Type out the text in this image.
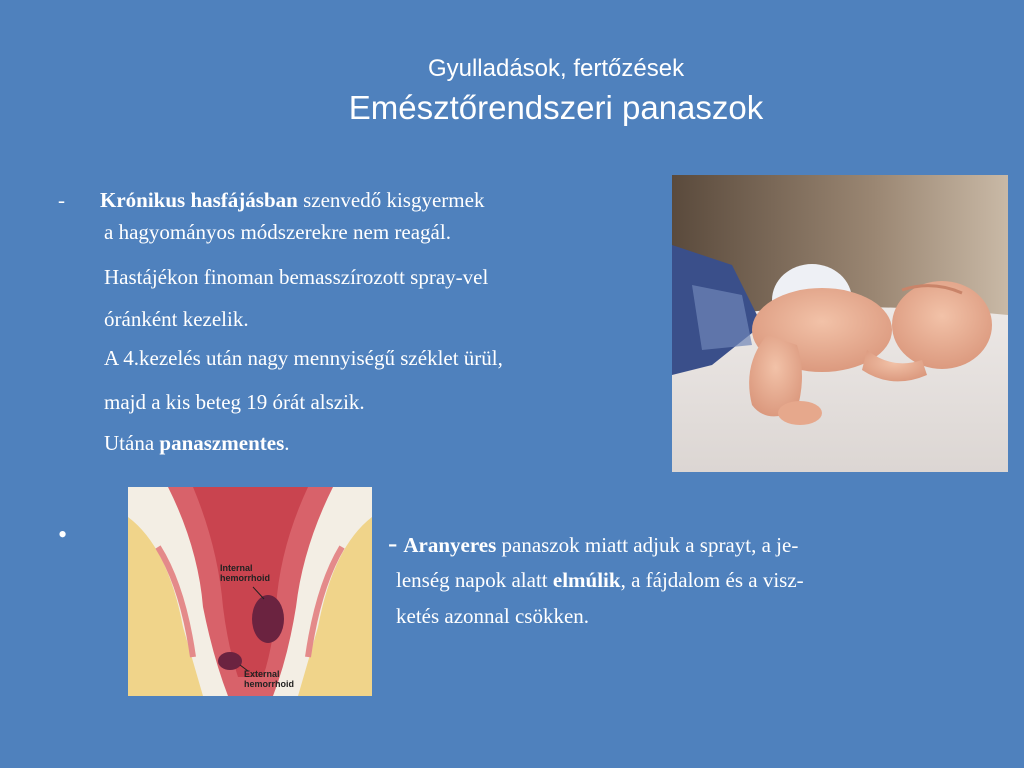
Gyulladások, fertőzések
Emésztőrendszeri panaszok
- Krónikus hasfájásban szenvedő kisgyermek
a hagyományos módszerekre nem reagál.
Hastájékon finoman bemasszírozott spray-vel
óránként kezelik.
A 4.kezelés után nagy mennyiségű széklet ürül,
majd a kis beteg 19 órát alszik.
Utána panaszmentes.
•
Internal
hemorrhoid
External
hemorrhoid
- Aranyeres panaszok miatt adjuk a sprayt, a je-
lenség napok alatt elmúlik, a fájdalom és a visz-
ketés azonnal csökken.
